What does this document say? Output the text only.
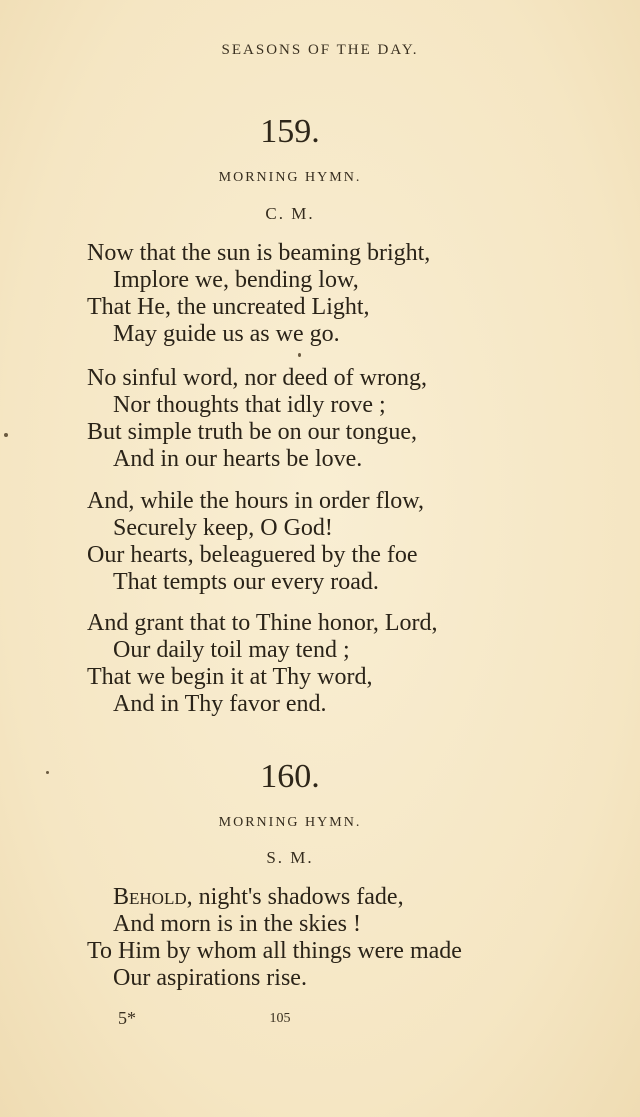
SEASONS OF THE DAY.
159.
MORNING HYMN.
C. M.
Now that the sun is beaming bright,
Implore we, bending low,
That He, the uncreated Light,
May guide us as we go.
No sinful word, nor deed of wrong,
Nor thoughts that idly rove ;
But simple truth be on our tongue,
And in our hearts be love.
And, while the hours in order flow,
Securely keep, O God!
Our hearts, beleaguered by the foe
That tempts our every road.
And grant that to Thine honor, Lord,
Our daily toil may tend ;
That we begin it at Thy word,
And in Thy favor end.
160.
MORNING HYMN.
S. M.
Behold, night's shadows fade,
And morn is in the skies !
To Him by whom all things were made
Our aspirations rise.
5*	105
